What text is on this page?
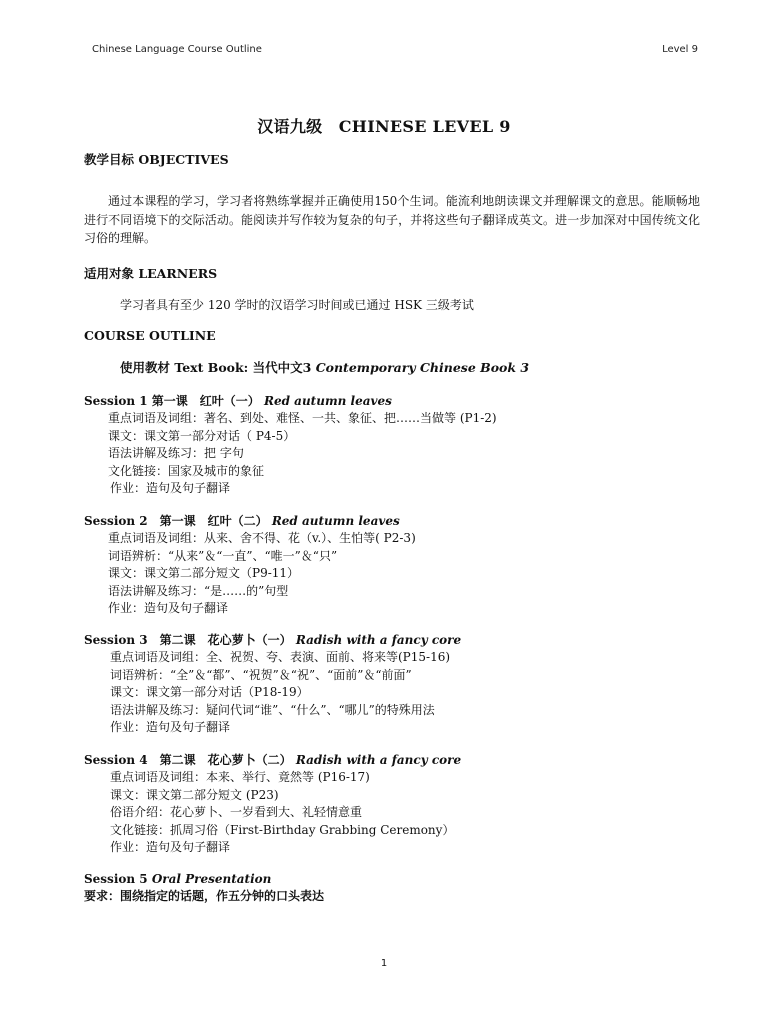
Chinese Language Course Outline	Level 9
汉语九级　CHINESE LEVEL 9
教学目标 OBJECTIVES
通过本课程的学习，学习者将熟练掌握并正确使用150个生词。能流利地朗读课文并理解课文的意思。能顺畅地进行不同语境下的交际活动。能阅读并写作较为复杂的句子，并将这些句子翻译成英文。进一步加深对中国传统文化习俗的理解。
适用对象 LEARNERS
学习者具有至少 120 学时的汉语学习时间或已通过 HSK 三级考试
COURSE OUTLINE
使用教材 Text Book: 当代中文3 Contemporary Chinese Book 3
Session 1 第一课　红叶（一） Red autumn leaves
重点词语及词组：著名、到处、难怪、一共、象征、把……当做等 (P1-2)
课文：课文第一部分对话（ P4-5）
语法讲解及练习：把 字句
文化链接：国家及城市的象征
作业：造句及句子翻译
Session 2　第一课　红叶（二） Red autumn leaves
重点词语及词组：从来、舍不得、花（v.）、生怕等( P2-3)
词语辨析：“从来”＆“一直”、“唯一”＆“只”
课文：课文第二部分短文（P9-11）
语法讲解及练习：“是……的”句型
作业：造句及句子翻译
Session 3　第二课　花心萝卜（一） Radish with a fancy core
重点词语及词组：全、祝贺、夸、表演、面前、将来等(P15-16)
词语辨析：“全”＆“都”、“祝贺”＆“祝”、“面前”＆“前面”
课文：课文第一部分对话（P18-19）
语法讲解及练习：疑问代词“谁”、“什么”、“哪儿”的特殊用法
作业：造句及句子翻译
Session 4　第二课　花心萝卜（二） Radish with a fancy core
重点词语及词组：本来、举行、竟然等 (P16-17)
课文：课文第二部分短文 (P23)
俗语介绍：花心萝卜、一岁看到大、礼轻情意重
文化链接：抓周习俗（First-Birthday Grabbing Ceremony）
作业：造句及句子翻译
Session 5 Oral Presentation
要求：围绕指定的话题，作五分钟的口头表达
1
